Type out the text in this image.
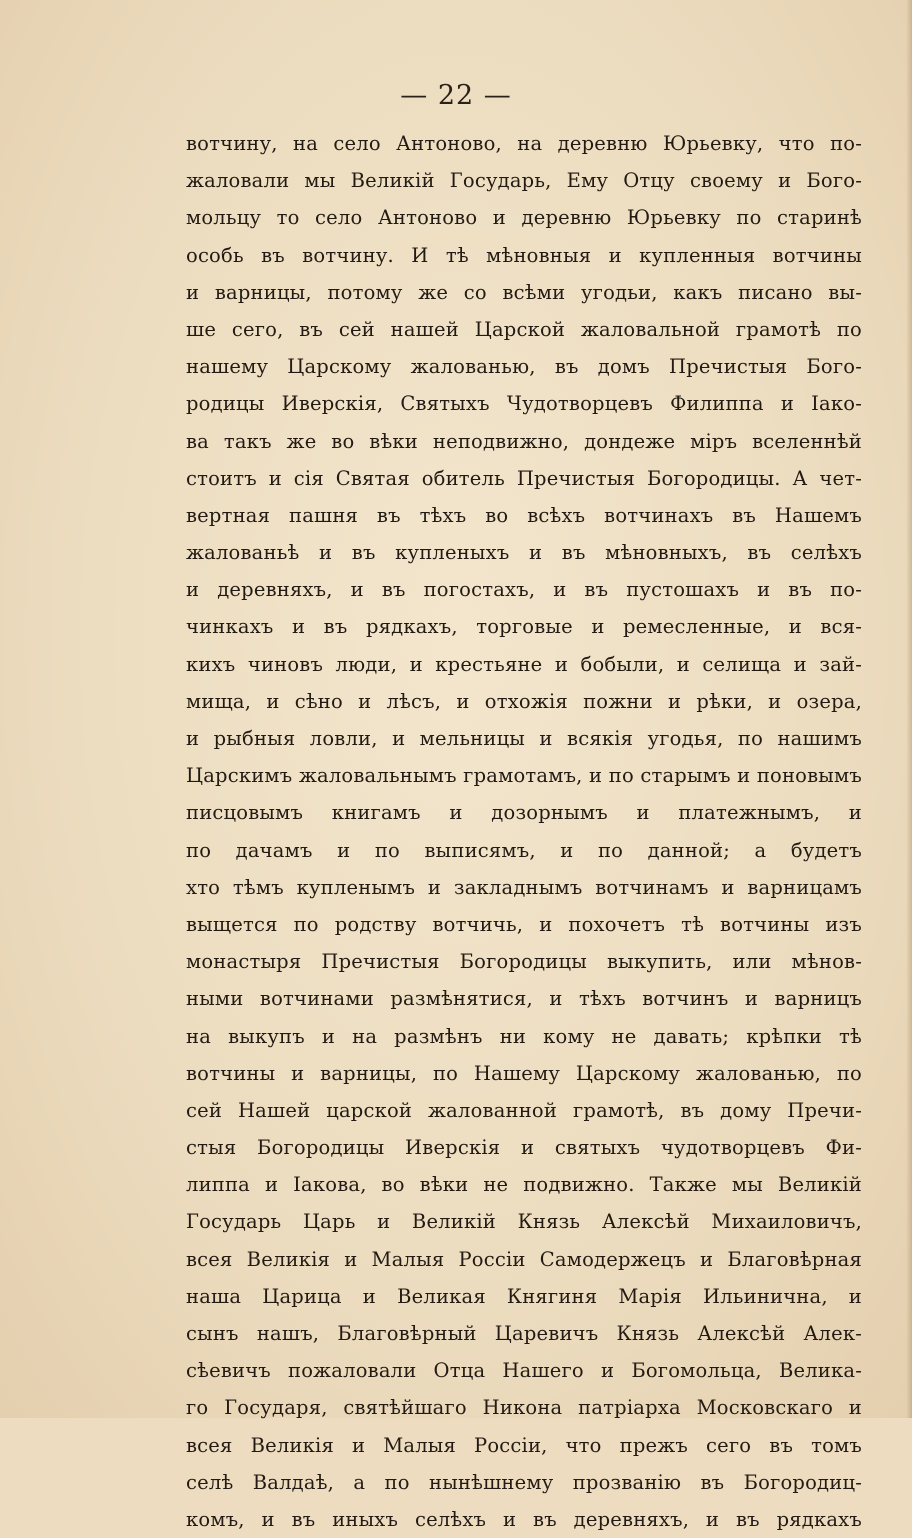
— 22 —
вотчину, на село Антоново, на деревню Юрьевку, что по-
жаловали мы Великій Государь, Ему Отцу своему и Бого-
мольцу то село Антоново и деревню Юрьевку по старинѣ
особь въ вотчину. И тѣ мѣновныя и купленныя вотчины
и варницы, потому же со всѣми угодьи, какъ писано вы-
ше сего, въ сей нашей Царской жаловальной грамотѣ по
нашему Царскому жалованью, въ домъ Пречистыя Бого-
родицы Иверскія, Святыхъ Чудотворцевъ Филиппа и Іако-
ва такъ же во вѣки неподвижно, дондеже міръ вселеннѣй
стоитъ и сія Святая обитель Пречистыя Богородицы. А чет-
вертная пашня въ тѣхъ во всѣхъ вотчинахъ въ Нашемъ
жалованьѣ и въ купленыхъ и въ мѣновныхъ, въ селѣхъ
и деревняхъ, и въ погостахъ, и въ пустошахъ и въ по-
чинкахъ и въ рядкахъ, торговые и ремесленные, и вся-
кихъ чиновъ люди, и крестьяне и бобыли, и селища и зай-
мища, и сѣно и лѣсъ, и отхожія пожни и рѣки, и озера,
и рыбныя ловли, и мельницы и всякія угодья, по нашимъ
Царскимъ жаловальнымъ грамотамъ, и по старымъ и поновымъ
писцовымъ книгамъ и дозорнымъ и платежнымъ, и
по дачамъ и по выписямъ, и по данной; а будетъ
хто тѣмъ купленымъ и закладнымъ вотчинамъ и варницамъ
выщется по родству вотчичь, и похочетъ тѣ вотчины изъ
монастыря Пречистыя Богородицы выкупить, или мѣнов-
ными вотчинами размѣнятися, и тѣхъ вотчинъ и варницъ
на выкупъ и на размѣнъ ни кому не давать; крѣпки тѣ
вотчины и варницы, по Нашему Царскому жалованью, по
сей Нашей царской жалованной грамотѣ, въ дому Пречи-
стыя Богородицы Иверскія и святыхъ чудотворцевъ Фи-
липпа и Іакова, во вѣки не подвижно. Также мы Великій
Государь Царь и Великій Князь Алексѣй Михаиловичъ,
всея Великія и Малыя Россіи Самодержецъ и Благовѣрная
наша Царица и Великая Княгиня Марія Ильинична, и
сынъ нашъ, Благовѣрный Царевичъ Князь Алексѣй Алек-
сѣевичъ пожаловали Отца Нашего и Богомольца, Велика-
го Государя, святѣйшаго Никона патріарха Московскаго и
всея Великія и Малыя Россіи, что прежъ сего въ томъ
селѣ Валдаѣ, а по нынѣшнему прозванію въ Богородиц-
комъ, и въ иныхъ селѣхъ и въ деревняхъ, и въ рядкахъ
